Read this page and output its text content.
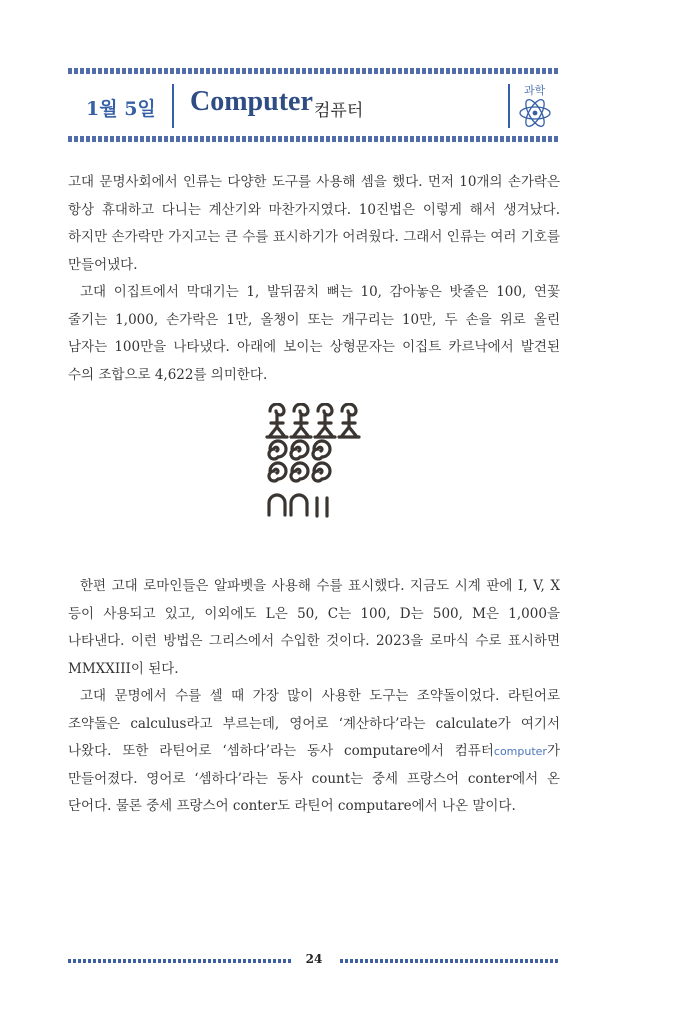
1월 5일 Computer 컴퓨터
과학

고대 문명사회에서 인류는 다양한 도구를 사용해 셈을 했다. 먼저 10개의 손가락은 항상 휴대하고 다니는 계산기와 마찬가지였다. 10진법은 이렇게 해서 생겨났다. 하지만 손가락만 가지고는 큰 수를 표시하기가 어려웠다. 그래서 인류는 여러 기호를 만들어냈다.

고대 이집트에서 막대기는 1, 발뒤꿈치 뼈는 10, 감아놓은 밧줄은 100, 연꽃 줄기는 1,000, 손가락은 1만, 올챙이 또는 개구리는 10만, 두 손을 위로 올린 남자는 100만을 나타냈다. 아래에 보이는 상형문자는 이집트 카르낙에서 발견된 수의 조합으로 4,622를 의미한다.

한편 고대 로마인들은 알파벳을 사용해 수를 표시했다. 지금도 시계 판에 I, V, X 등이 사용되고 있고, 이외에도 L은 50, C는 100, D는 500, M은 1,000을 나타낸다. 이런 방법은 그리스에서 수입한 것이다. 2023을 로마식 수로 표시하면 MMXXIII이 된다.

고대 문명에서 수를 셀 때 가장 많이 사용한 도구는 조약돌이었다. 라틴어로 조약돌은 calculus라고 부르는데, 영어로 ‘계산하다’라는 calculate가 여기서 나왔다. 또한 라틴어로 ‘셈하다’라는 동사 computare에서 컴퓨터computer가 만들어졌다. 영어로 ‘셈하다’라는 동사 count는 중세 프랑스어 conter에서 온 단어다. 물론 중세 프랑스어 conter도 라틴어 computare에서 나온 말이다.

24
